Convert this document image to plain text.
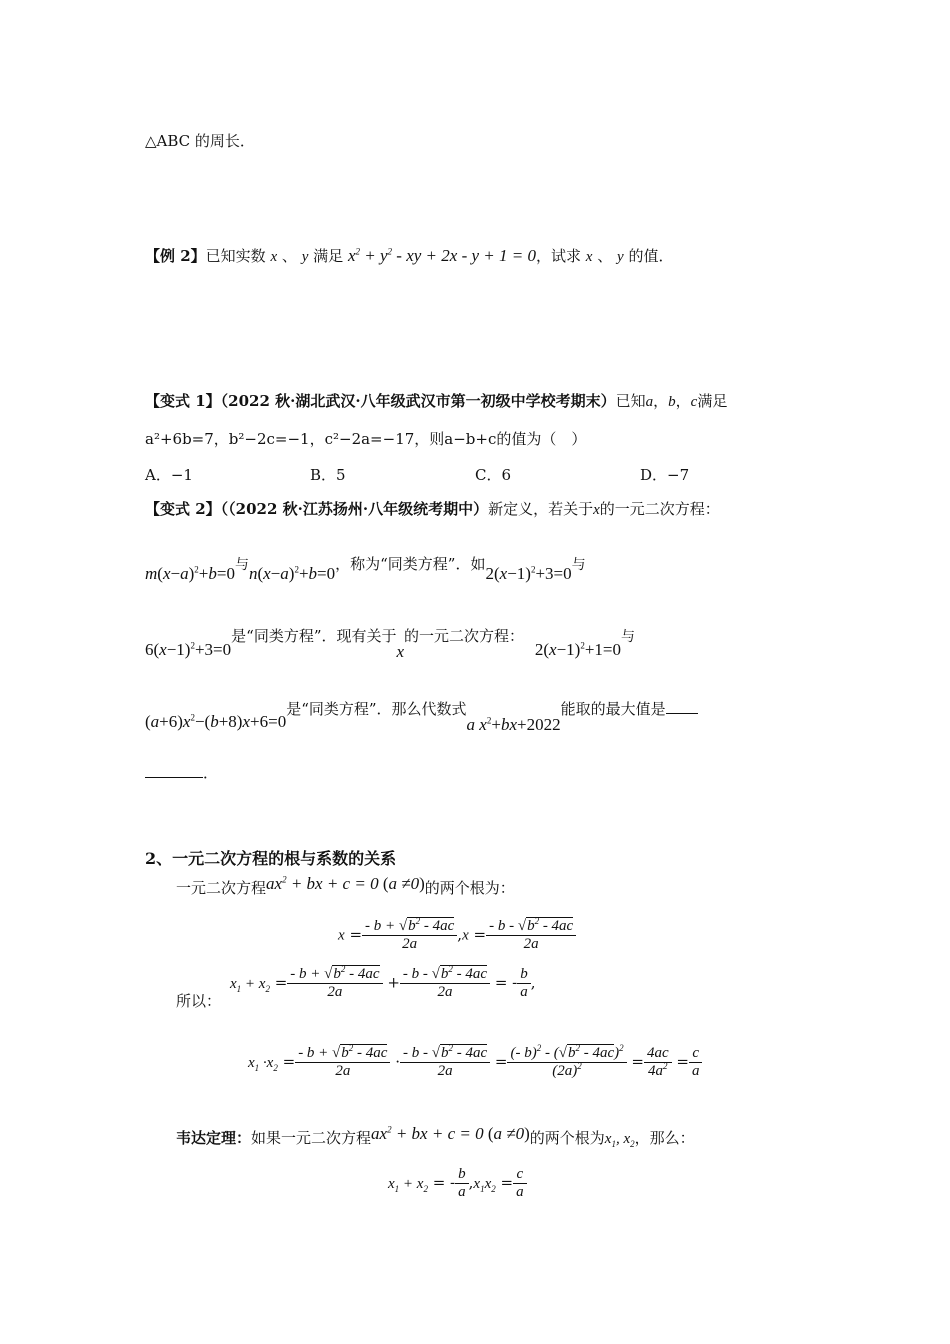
△ABC 的周长．
【例 2】已知实数 x 、 y 满足 $x^2 + y^2$ - xy + 2x - y + 1 = 0，试求 x 、 y 的值．
【变式 1】（2022 秋·湖北武汉·八年级武汉市第一初级中学校考期末）已知a，b，c满足
a²+6b=7，b²−2c=−1，c²−2a=−17，则a−b+c的值为（　）
A．−1	B．5	C．6	D．−7
【变式 2】（（2022 秋·江苏扬州·八年级统考期中）新定义，若关于x的一元二次方程：
$m(x-a)^2+b=0$与$n(x-a)^2+b=0$，称为“同类方程”．如$2(x-1)^2+3=0$与
$6(x-1)^2+3=0$是“同类方程”．现有关于x的一元二次方程： $2(x-1)^2+1=0$与
$(a+6)x^2-(b+8)x+6=0$是“同类方程”．那么代数式a $x^2+bx+2022$能取的最大值是
．
2、一元二次方程的根与系数的关系
一元二次方程$ax^2$ + bx + c = 0 (a ≠0)的两个根为：
$x = \frac{- b + √b^2 - 4ac}{2a} ,x = \frac{- b - √b^2 - 4ac}{2a}$
所以：
$x_1 + x_2 = \frac{- b + √b^2 - 4ac}{2a} + \frac{- b - √b^2 - 4ac}{2a}$ = - $\frac{b}{a}$ ,
$x_1 \cdot x_2 = \frac{- b + √b^2 - 4ac}{2a} \cdot \frac{- b - √b^2 - 4ac}{2a} = \frac{(- b)^2 - (√b^2 - 4ac)^2}{(2a)^2} = \frac{4ac}{4a^2} = \frac{c}{a}$
韦达定理：如果一元二次方程$ax^2$ + bx + c = 0 (a ≠0)的两个根为$x_1$, $x_2$，那么：
$x_1 + x_2$ = - $\frac{b}{a} ,x_1x_2 = \frac{c}{a}$
